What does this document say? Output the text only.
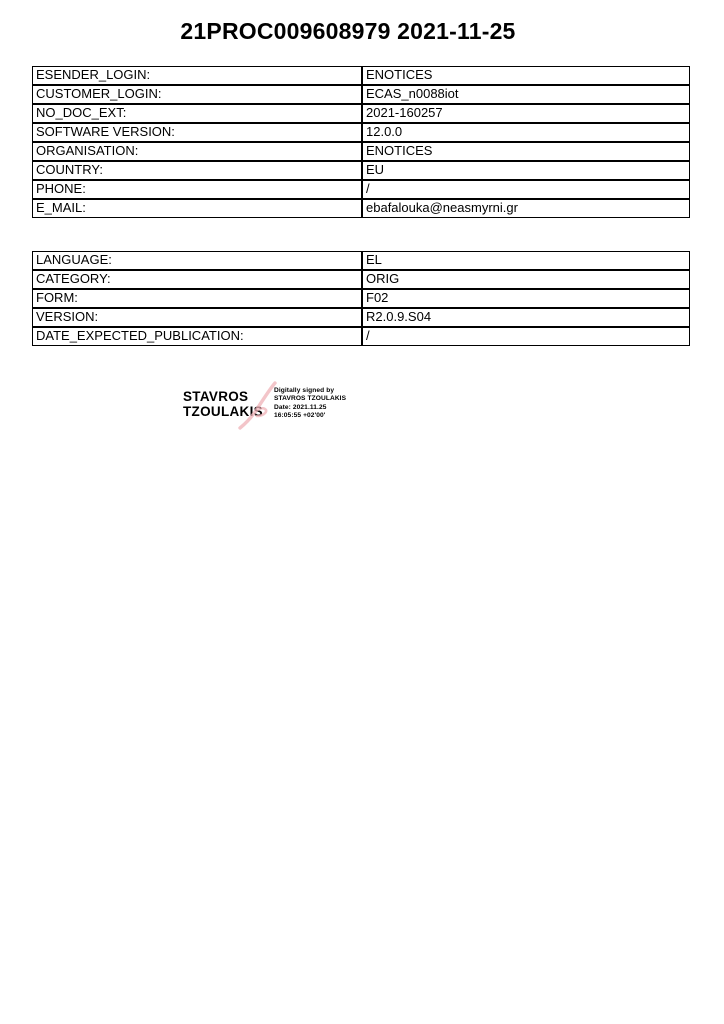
21PROC009608979 2021-11-25
ESENDER_LOGIN:	ENOTICES
CUSTOMER_LOGIN:	ECAS_n0088iot
NO_DOC_EXT:	2021-160257
SOFTWARE VERSION:	12.0.0
ORGANISATION:	ENOTICES
COUNTRY:	EU
PHONE:	/
E_MAIL:	ebafalouka@neasmyrni.gr
LANGUAGE:	EL
CATEGORY:	ORIG
FORM:	F02
VERSION:	R2.0.9.S04
DATE_EXPECTED_PUBLICATION:	/
STAVROS
TZOULAKIS
Digitally signed by
STAVROS TZOULAKIS
Date: 2021.11.25
16:05:55 +02'00'
